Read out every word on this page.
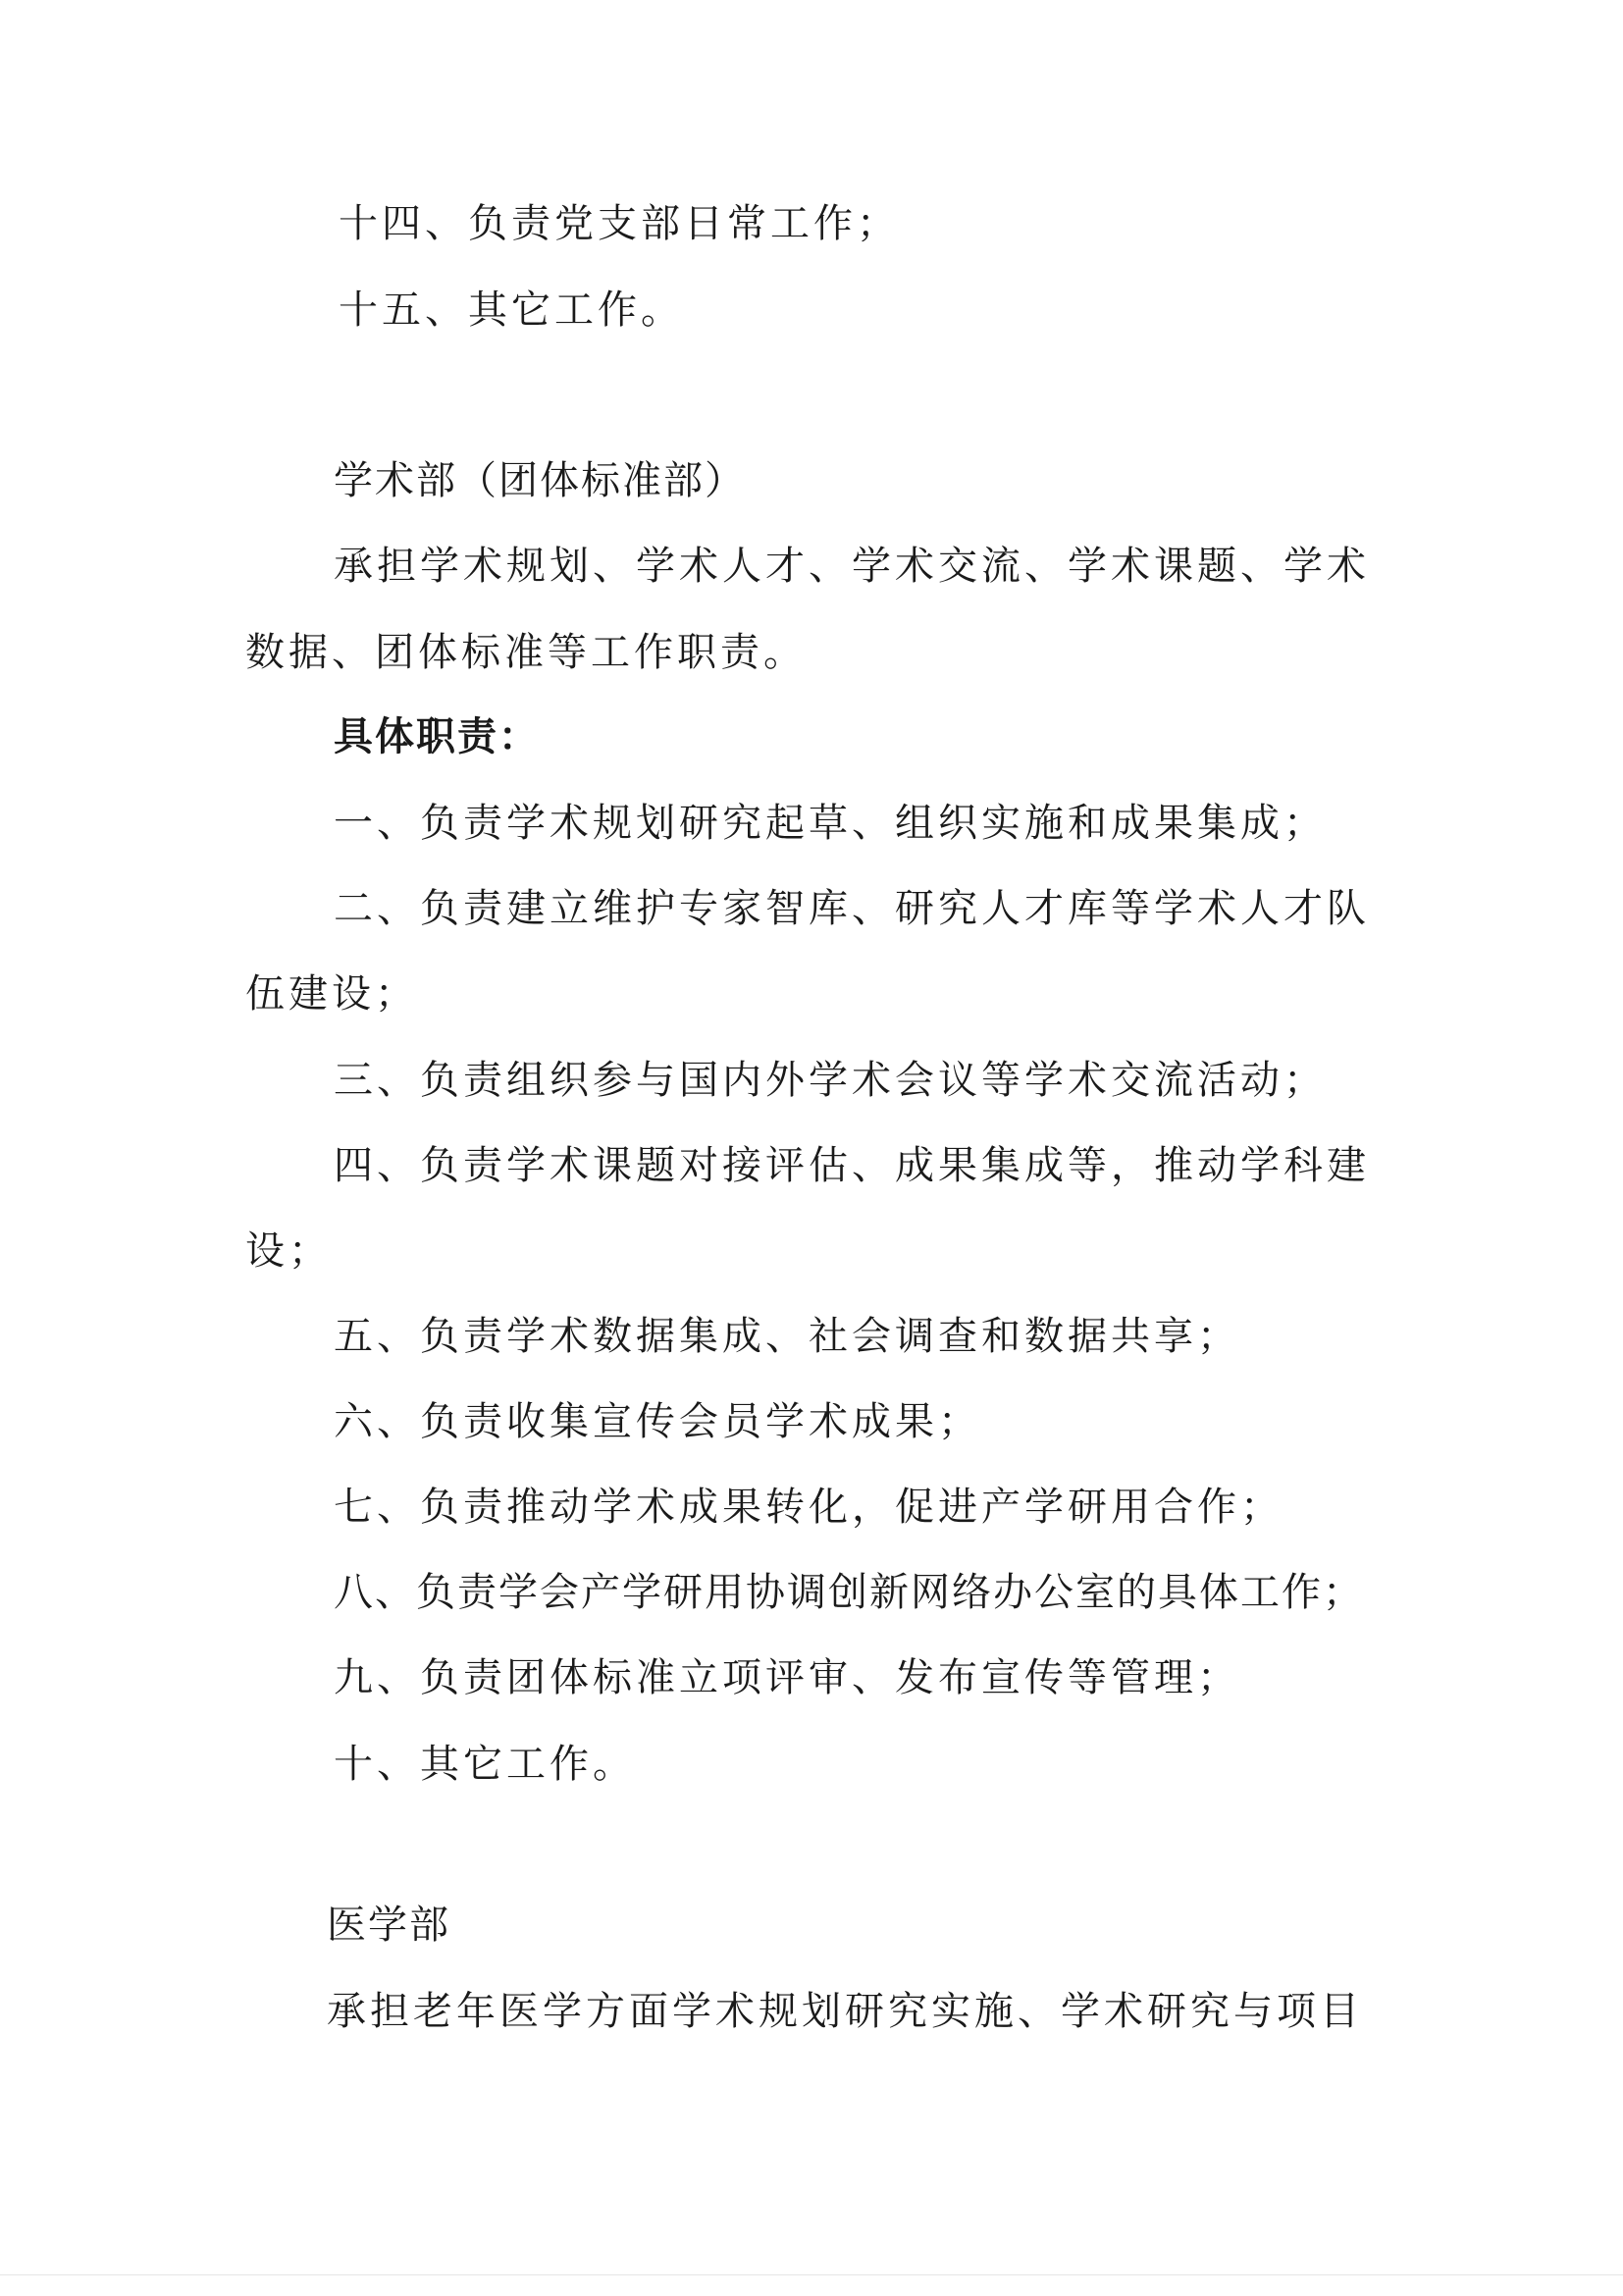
十四、负责党支部日常工作；
十五、其它工作。
学术部（团体标准部）
承担学术规划、学术人才、学术交流、学术课题、学术
数据、团体标准等工作职责。
具体职责：
一、负责学术规划研究起草、组织实施和成果集成；
二、负责建立维护专家智库、研究人才库等学术人才队
伍建设；
三、负责组织参与国内外学术会议等学术交流活动；
四、负责学术课题对接评估、成果集成等，推动学科建
设；
五、负责学术数据集成、社会调查和数据共享；
六、负责收集宣传会员学术成果；
七、负责推动学术成果转化，促进产学研用合作；
八、负责学会产学研用协调创新网络办公室的具体工作；
九、负责团体标准立项评审、发布宣传等管理；
十、其它工作。
医学部
承担老年医学方面学术规划研究实施、学术研究与项目
